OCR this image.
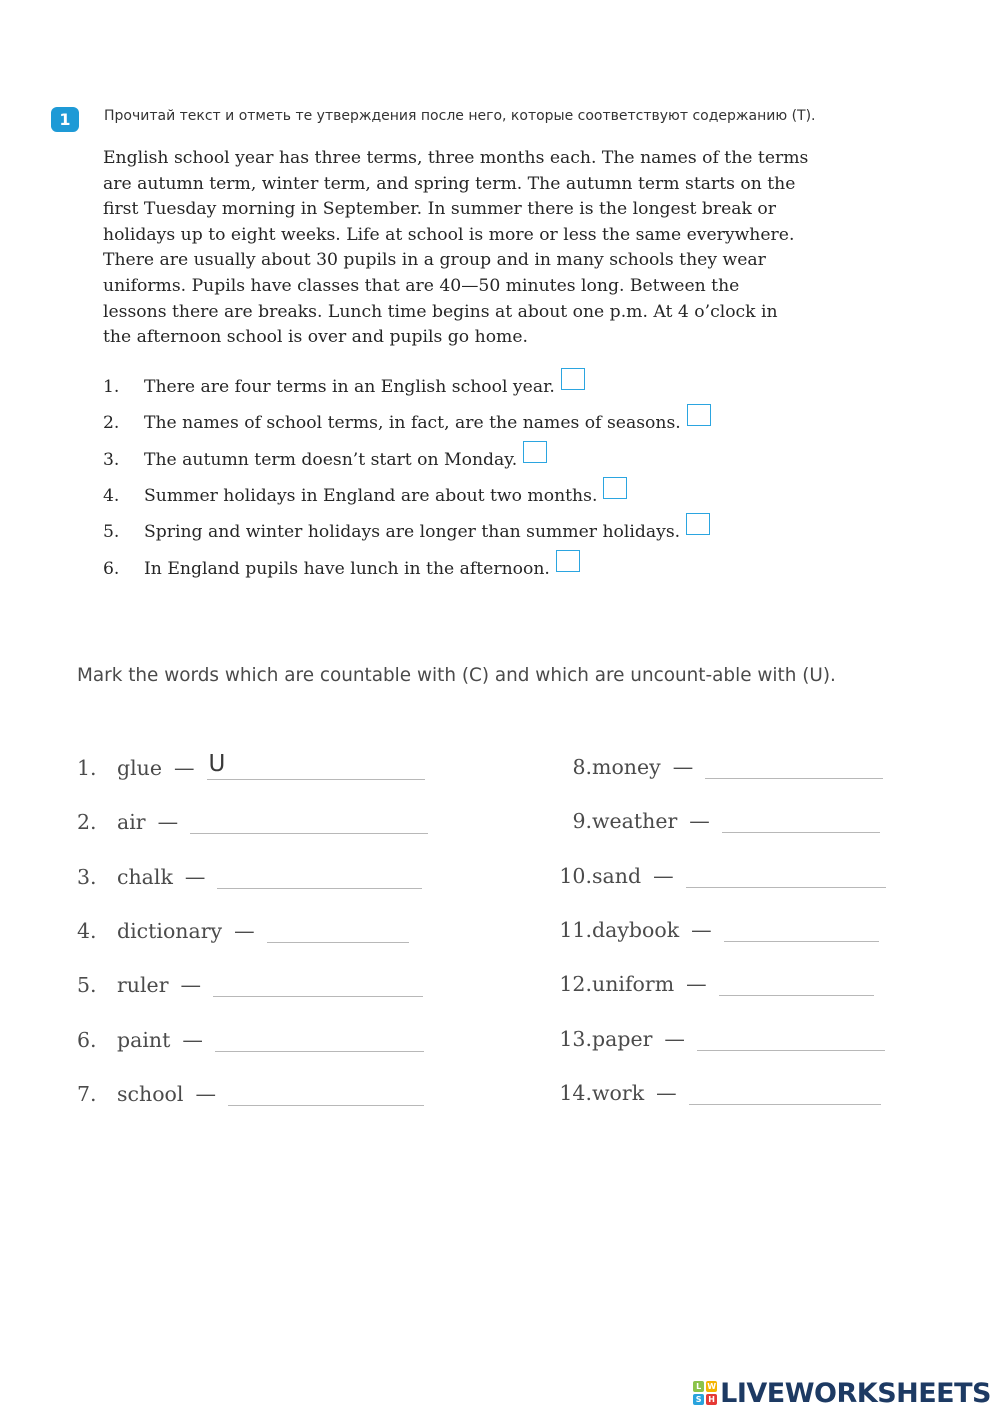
1	Прочитай текст и отметь те утверждения после него, которые соответствуют содержанию (T).
English school year has three terms, three months each. The names of the terms
are autumn term, winter term, and spring term. The autumn term starts on the
first Tuesday morning in September. In summer there is the longest break or
holidays up to eight weeks. Life at school is more or less the same everywhere.
There are usually about 30 pupils in a group and in many schools they wear
uniforms. Pupils have classes that are 40—50 minutes long. Between the
lessons there are breaks. Lunch time begins at about one p.m. At 4 o’clock in
the afternoon school is over and pupils go home.
1.	There are four terms in an English school year.
2.	The names of school terms, in fact, are the names of seasons.
3.	The autumn term doesn’t start on Monday.
4.	Summer holidays in England are about two months.
5.	Spring and winter holidays are longer than summer holidays.
6.	In England pupils have lunch in the afternoon.
Mark the words which are countable with (C) and which are uncount-able with (U).
1. glue — U
2. air —
3. chalk —
4. dictionary —
5. ruler —
6. paint —
7. school —
8. money —
9. weather —
10. sand —
11. daybook —
12. uniform —
13. paper —
14. work —
L W
S H LIVEWORKSHEETS
